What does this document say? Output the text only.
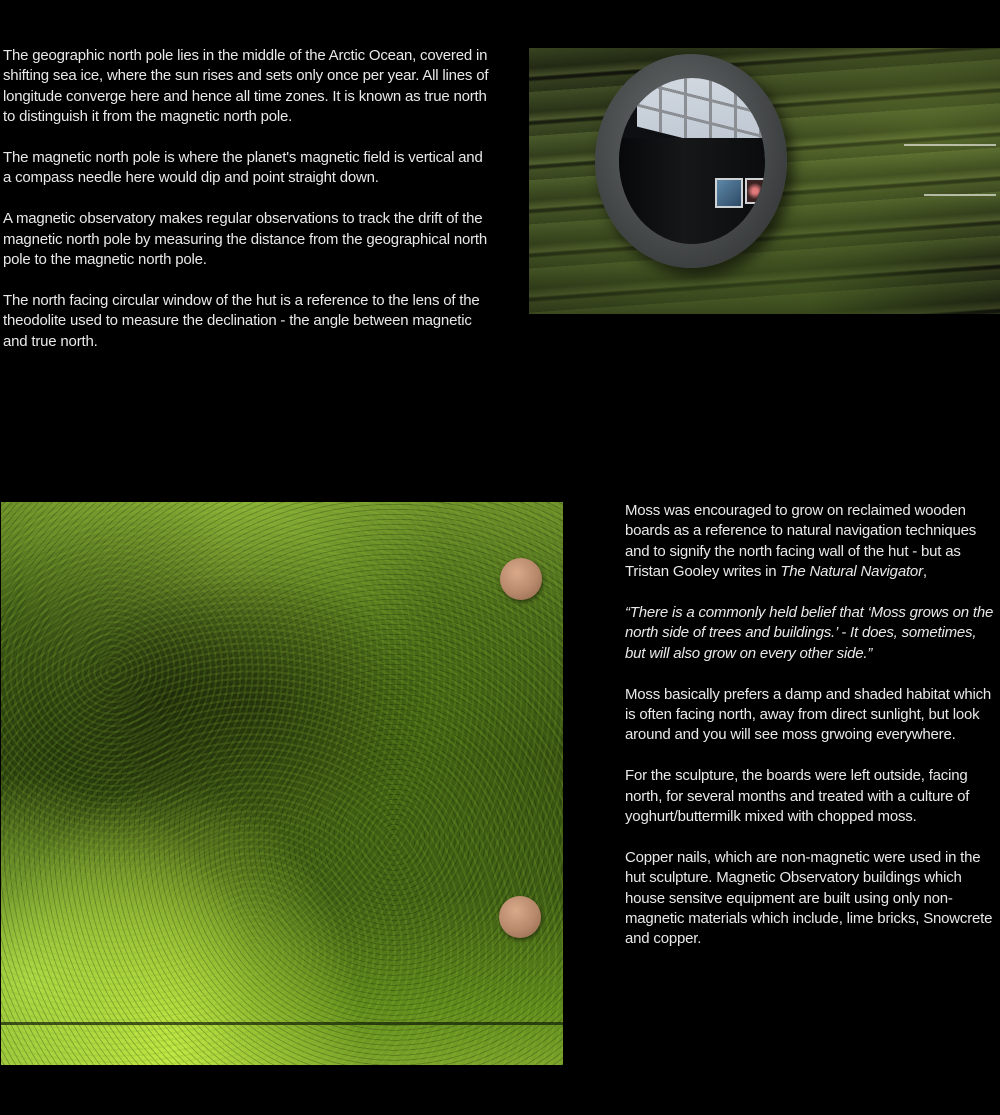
The geographic north pole lies in the middle of the Arctic Ocean, covered in shifting sea ice, where the sun rises and sets only once per year. All lines of longitude converge here and hence all time zones. It is known as true north to distinguish it from the magnetic north pole.

The magnetic north pole is where the planet's magnetic field is vertical and a compass needle here would dip and point straight down.

A magnetic observatory makes regular observations to track the drift of the magnetic north pole by measuring the distance from the geographical north pole to the magnetic north pole.

The north facing circular window of the hut is a reference to the lens of the theodolite used to measure the declination - the angle between magnetic and true north.

Moss was encouraged to grow on reclaimed wooden boards as a reference to natural navigation techniques and to signify the north facing wall of the hut - but as Tristan Gooley writes in The Natural Navigator,

“There is a commonly held belief that ‘Moss grows on the north side of trees and buildings.’ - It does, sometimes, but will also grow on every other side.”

Moss basically prefers a damp and shaded habitat which is often facing north, away from direct sunlight, but look around and you will see moss grwoing everywhere.

For the sculpture, the boards were left outside, facing north, for several months and treated with a culture of yoghurt/buttermilk mixed with chopped moss.

Copper nails, which are non-magnetic were used in the hut sculpture. Magnetic Observatory buildings which house sensitve equipment are built using only non-magnetic materials which include, lime bricks, Snowcrete and copper.
